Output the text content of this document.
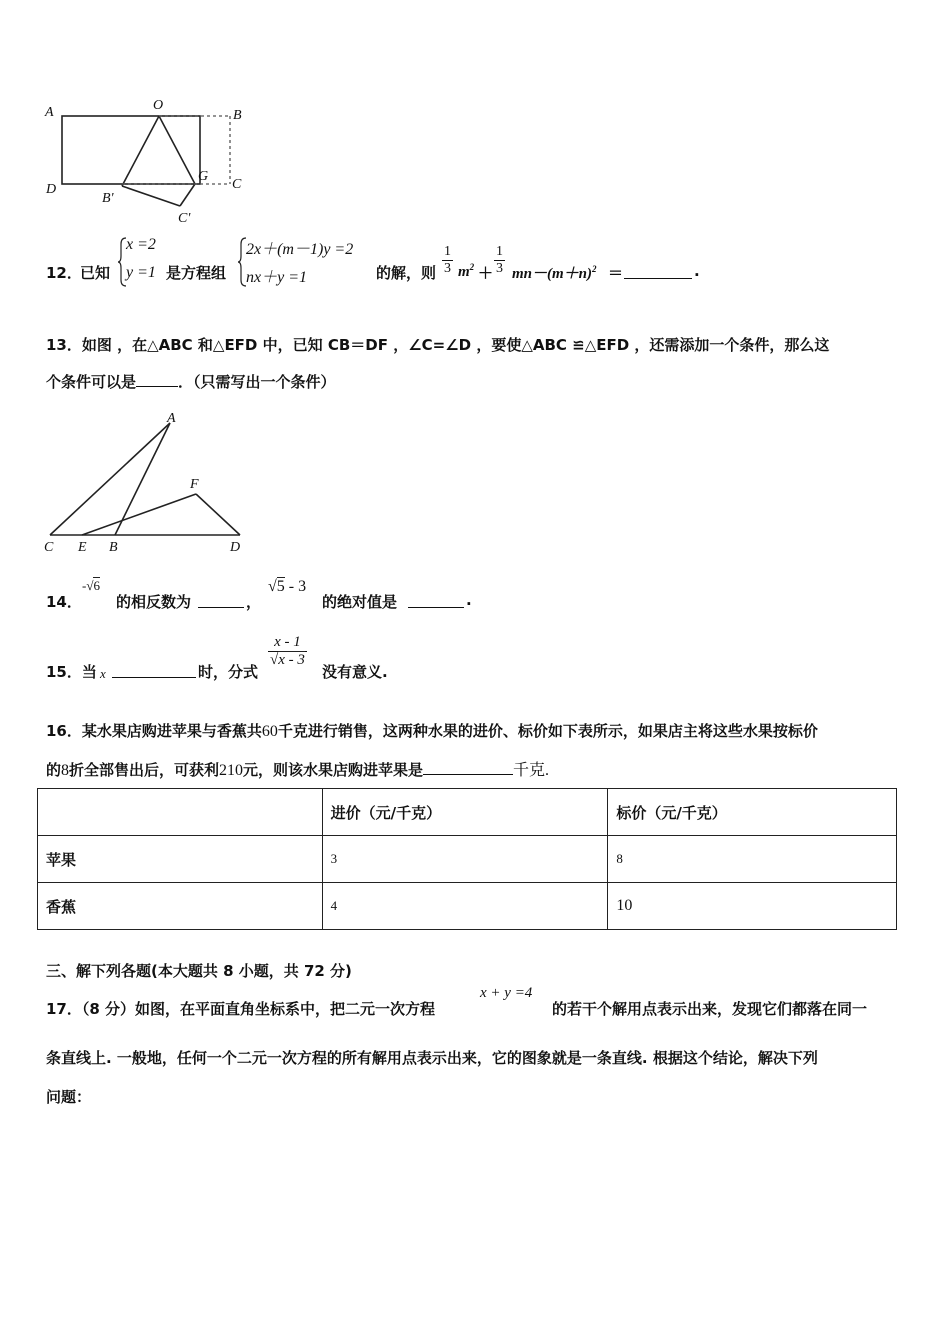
A	O
B
D
B'
G
C
C'
12．
已知
x =2
y =1 是方程组
2x＋(m－1)y =2
nx＋y =1	的解，则 $\frac{1}{3} m^2 + \frac{1}{3} mn-(m+n)^2$ ＝	.
13．如图 ，在△ABC 和△EFD 中，已知 CB＝DF ，∠C=∠D ，要使△ABC ≌△EFD ，还需添加一个条件，那么这
个条件可以是	．（只需写出一个条件）
A
F
C E B	D
14．
-√6
的相反数为	，
√5 - 3
的绝对值是	.
15．当 x	时，分式
$\frac{x - 1}{√x - 3}$
没有意义.
16．某水果店购进苹果与香蕉共60千克进行销售，这两种水果的进价、标价如下表所示，如果店主将这些水果按标价
的8折全部售出后，可获利210元，则该水果店购进苹果是	千克.
	进价（元/千克）	标价（元/千克）
苹果	3	8
香蕉	4	10
三、解下列各题(本大题共 8 小题，共 72 分)
17．（8 分）如图，在平面直角坐标系中，把二元一次方程
x + y =4
的若干个解用点表示出来，发现它们都落在同一
条直线上. 一般地，任何一个二元一次方程的所有解用点表示出来，它的图象就是一条直线. 根据这个结论，解决下列
问题：
